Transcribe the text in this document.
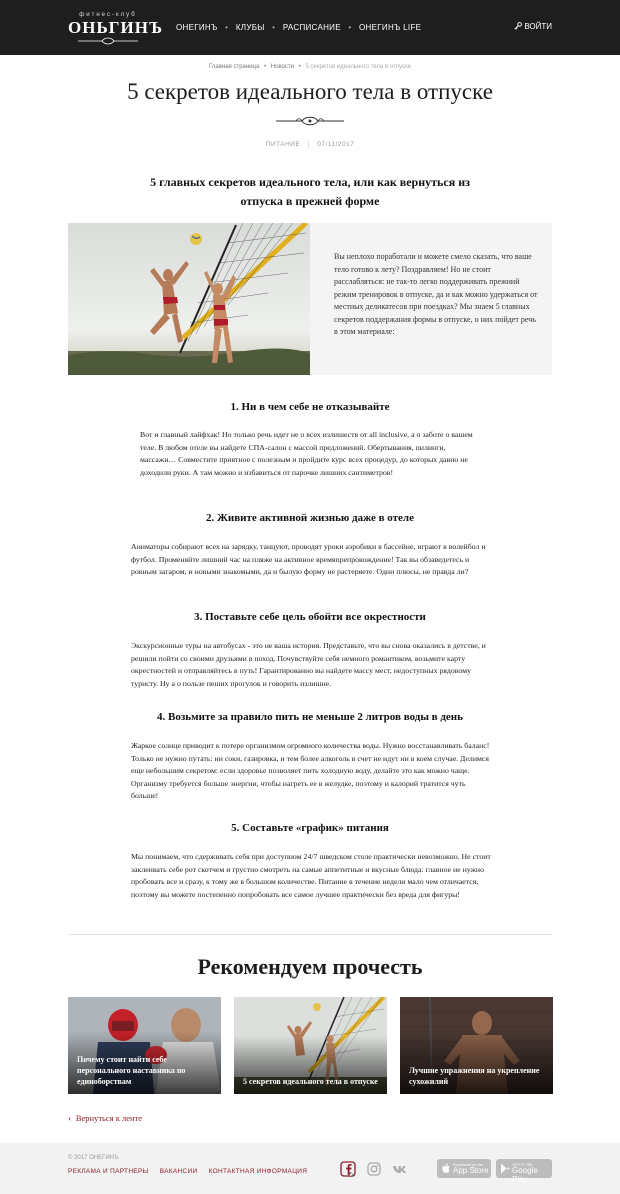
фитнес-клуб
ОНЬГИНЪ ОНЕГИНЪ • КЛУБЫ • РАСПИСАНИЕ • ОНЕГИНЪ LIFE	ВОЙТИ
Главная страница • Новости • 5 секретов идеального тела в отпуске
5 секретов идеального тела в отпуске
ПИТАНИЕ	07/11/2017
5 главных секретов идеального тела, или как вернуться из отпуска в прежней форме
Вы неплохо поработали и можете смело сказать, что ваше тело готово к лету? Поздравляем! Но не стоит расслабляться: не так-то легко поддерживать прежний режим тренировок в отпуске, да и как можно удержаться от местных деликатесов при поездках? Мы знаем 5 главных секретов поддержания формы в отпуске, о них пойдет речь в этом материале:
1. Ни в чем себе не отказывайте

Вот и главный лайфхак! Но только речь идет не о всех излишеств от all inclusive, а о заботе о вашем теле. В любом отеле вы найдете СПА-салон с массой предложений. Обертывания, пилинги, массажи… Совместите приятное с полезным и пройдите курс всех процедур, до которых давно не доходили руки. А там можно и избавиться от парочке лишних сантиметров!

2. Живите активной жизнью даже в отеле

Аниматоры собирают всех на зарядку, танцуют, проводят уроки аэробики в бассейне, играют в волейбол и футбол. Променяйте лишний час на пляже на активное времяпрепровождение! Так вы обзаведетесь и ровным загаром, и новыми знакомыми, да и былую форму не растеряете. Одни плюсы, не правда ли?

3. Поставьте себе цель обойти все окрестности

Экскурсионные туры на автобусах - это не ваша история. Представьте, что вы снова оказались в детстве, и решили пойти со своими друзьями в поход. Почувствуйте себя немного романтиком, возьмите карту окрестностей и отправляйтесь в путь! Гарантированно вы найдете массу мест, недоступных рядовому туристу. Ну а о пользе пеших прогулок и говорить излишне.

4. Возьмите за правило пить не меньше 2 литров воды в день

Жаркое солнце приводит к потере организмом огромного количества воды. Нужно восстанавливать баланс! Только не нужно путать: ни соки, газировка, и тем более алкоголь в счет не идут ни в коем случае. Делимся еще небольшим секретом: если здоровье позволяет пить холодную воду, делайте это как можно чаще. Организму требуется больше энергии, чтобы нагреть ее в желудке, поэтому и калорий тратится чуть больше!

5. Составьте «график» питания

Мы понимаем, что сдерживать себя при доступном 24/7 шведском столе практически невозможно. Не стоит заклеивать себе рот скотчем и грустно смотреть на самые аппетитные и вкусные блюда: главное не нужно пробовать все и сразу, к тому же в большом количестве. Питание в течение недели мало чем отличается, поэтому вы можете постепенно попробовать все самое лучшее практически без вреда для фигуры!

Рекомендуем прочесть
Почему стоит найти себе персонального наставника по единоборствам	5 секретов идеального тела в отпуске
Лучшие упражнения на укрепление сухожилий
‹ Вернуться к ленте
© 2017 ОНЕГИНЪ
РЕКЛАМА И ПАРТНЕРЫ ВАКАНСИИ КОНТАКТНАЯ ИНФОРМАЦИЯ
Download on the
App Store
GET IT ON
Google Play
